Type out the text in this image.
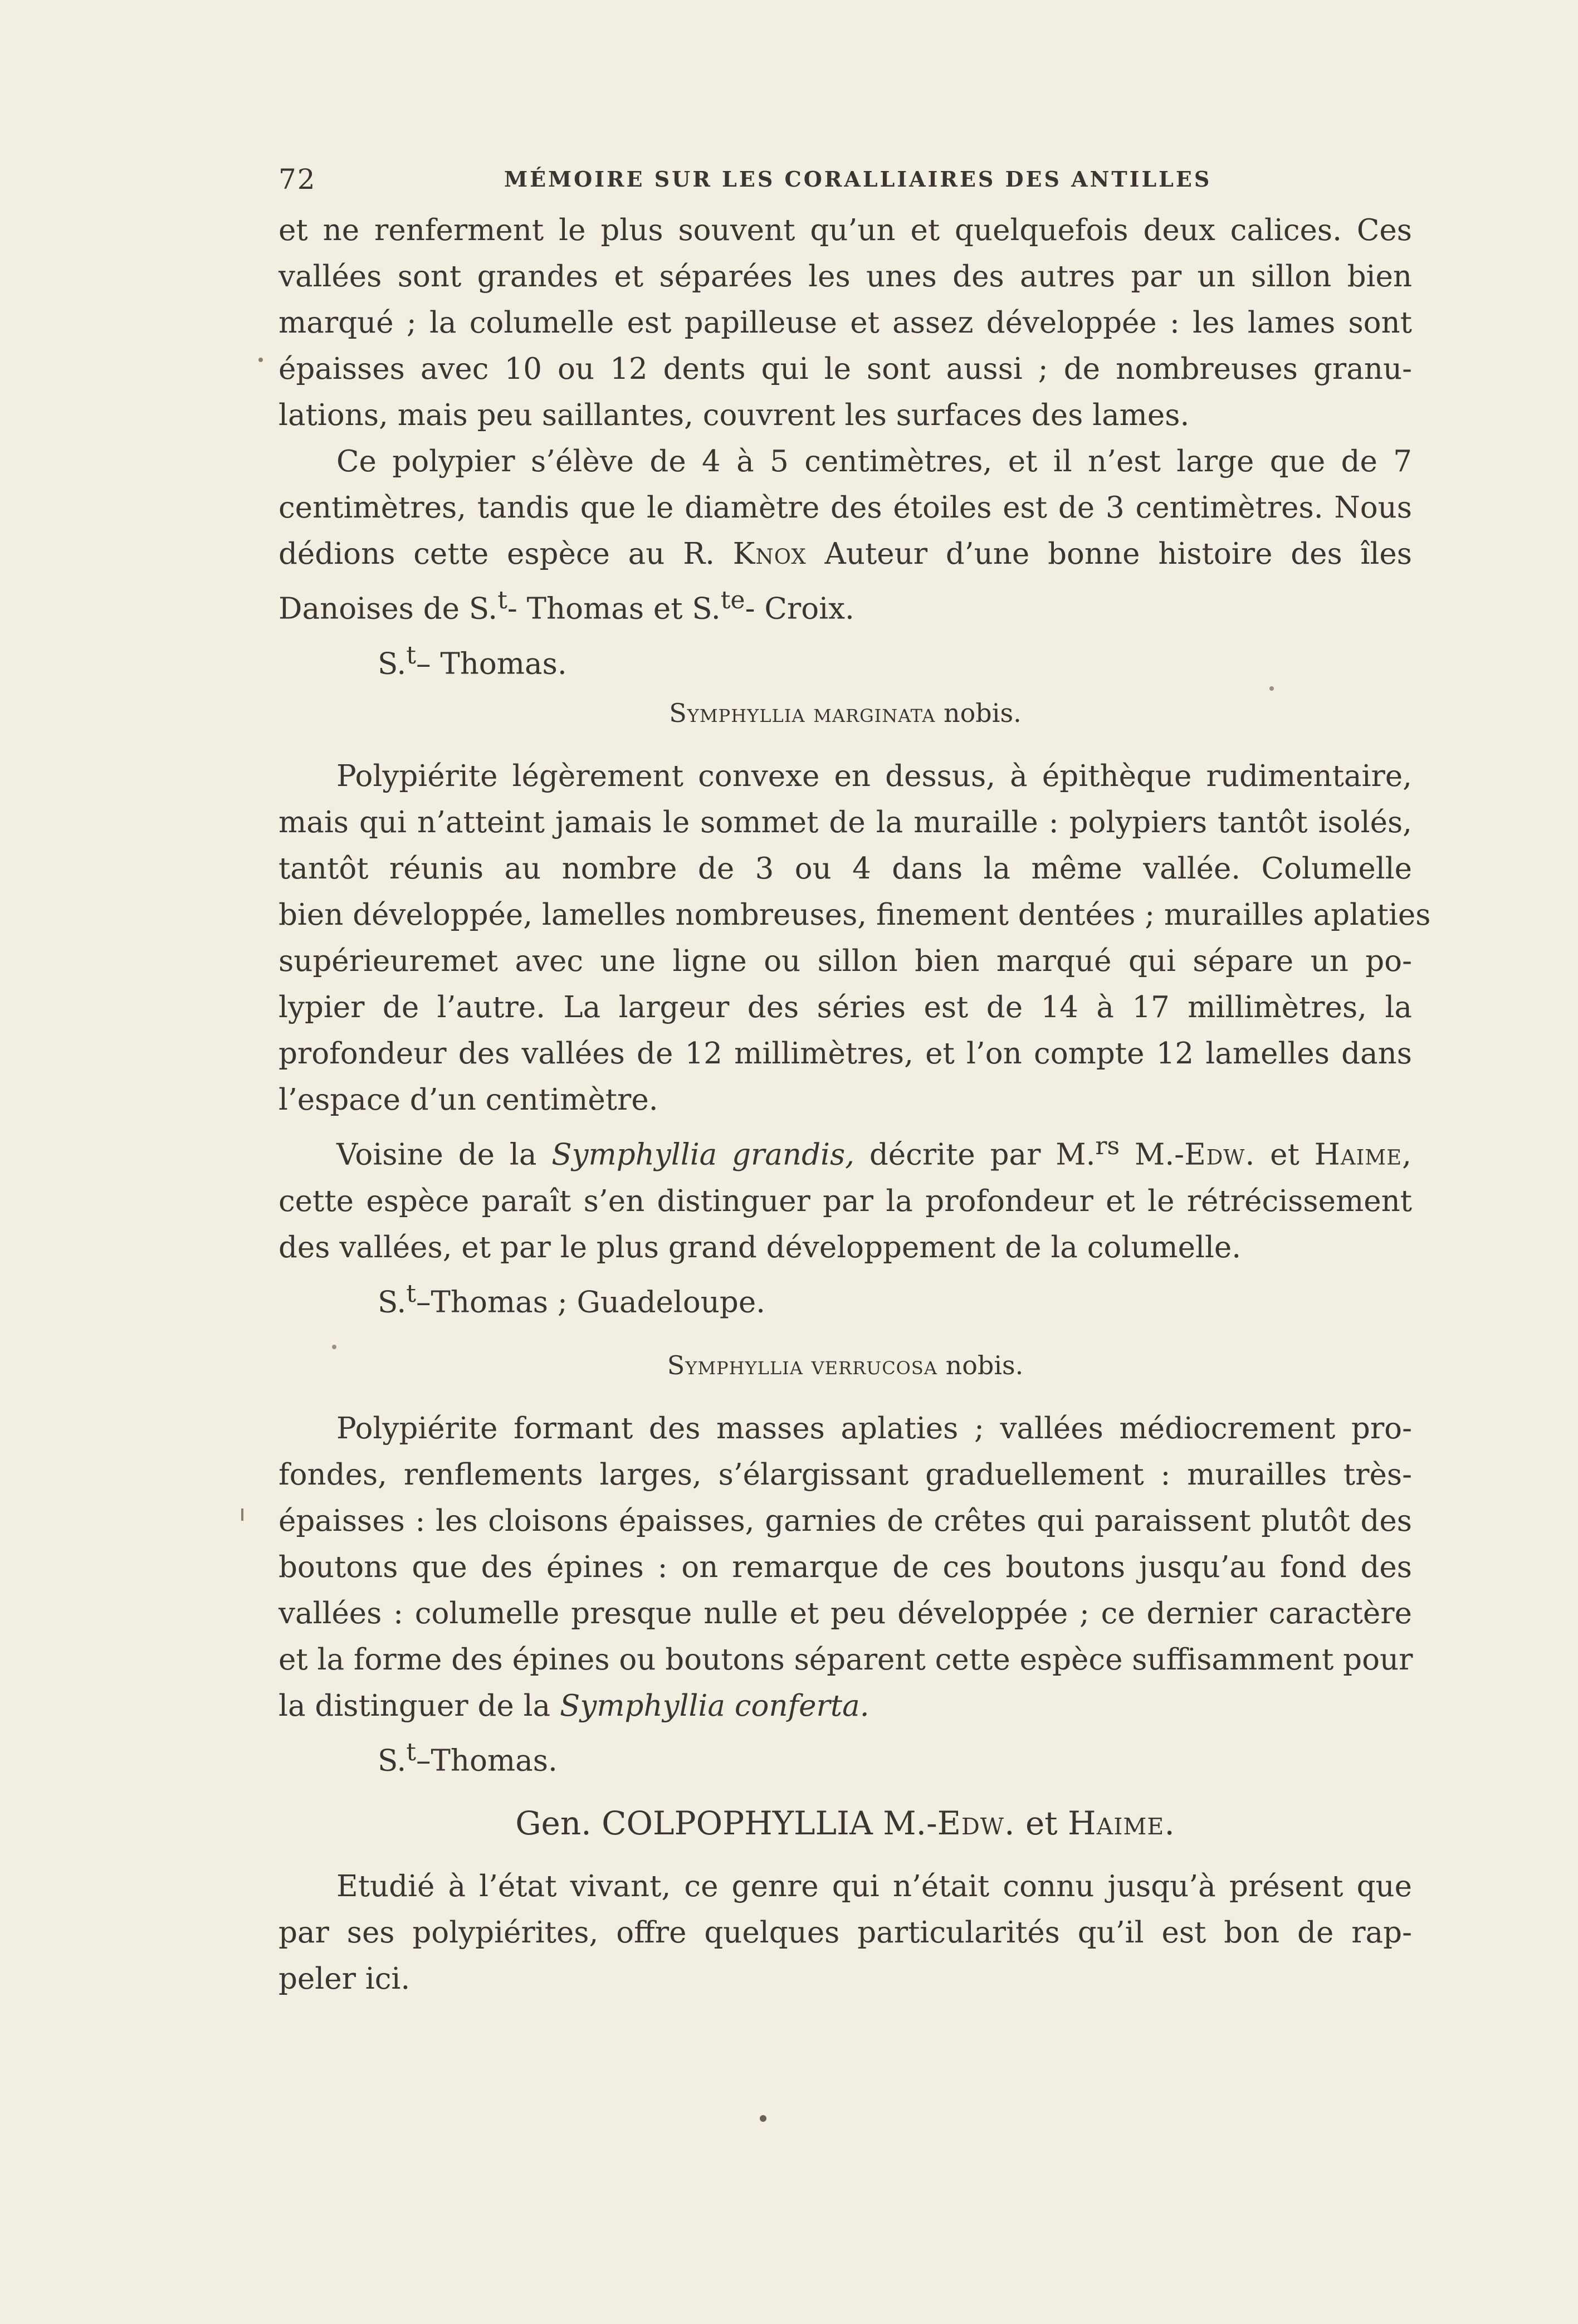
72	MÉMOIRE SUR LES CORALLIAIRES DES ANTILLES
et ne renferment le plus souvent qu’un et quelquefois deux calices. Ces
vallées sont grandes et séparées les unes des autres par un sillon bien
marqué ; la columelle est papilleuse et assez développée : les lames sont
épaisses avec 10 ou 12 dents qui le sont aussi ; de nombreuses granu-
lations, mais peu saillantes, couvrent les surfaces des lames.
Ce polypier s’élève de 4 à 5 centimètres, et il n’est large que de 7
centimètres, tandis que le diamètre des étoiles est de 3 centimètres. Nous
dédions cette espèce au R. Knox Auteur d’une bonne histoire des îles
Danoises de S.$^t$- Thomas et S.$^{te}$- Croix.
S.$^t$– Thomas.
Symphyllia marginata nobis.
Polypiérite légèrement convexe en dessus, à épithèque rudimentaire,
mais qui n’atteint jamais le sommet de la muraille : polypiers tantôt isolés,
tantôt réunis au nombre de 3 ou 4 dans la même vallée. Columelle
bien développée, lamelles nombreuses, finement dentées ; murailles aplaties
supérieuremet avec une ligne ou sillon bien marqué qui sépare un po-
lypier de l’autre. La largeur des séries est de 14 à 17 millimètres, la
profondeur des vallées de 12 millimètres, et l’on compte 12 lamelles dans
l’espace d’un centimètre.
Voisine de la Symphyllia grandis, décrite par M.$^{rs}$ M.-Edw. et Haime,
cette espèce paraît s’en distinguer par la profondeur et le rétrécissement
des vallées, et par le plus grand développement de la columelle.
S.$^t$–Thomas ; Guadeloupe.
Symphyllia verrucosa nobis.
Polypiérite formant des masses aplaties ; vallées médiocrement pro-
fondes, renflements larges, s’élargissant graduellement : murailles très-
épaisses : les cloisons épaisses, garnies de crêtes qui paraissent plutôt des
boutons que des épines : on remarque de ces boutons jusqu’au fond des
vallées : columelle presque nulle et peu développée ; ce dernier caractère
et la forme des épines ou boutons séparent cette espèce suffisamment pour
la distinguer de la Symphyllia conferta.
S.$^t$–Thomas.
Gen. COLPOPHYLLIA M.-Edw. et Haime.
Etudié à l’état vivant, ce genre qui n’était connu jusqu’à présent que
par ses polypiérites, offre quelques particularités qu’il est bon de rap-
peler ici.
